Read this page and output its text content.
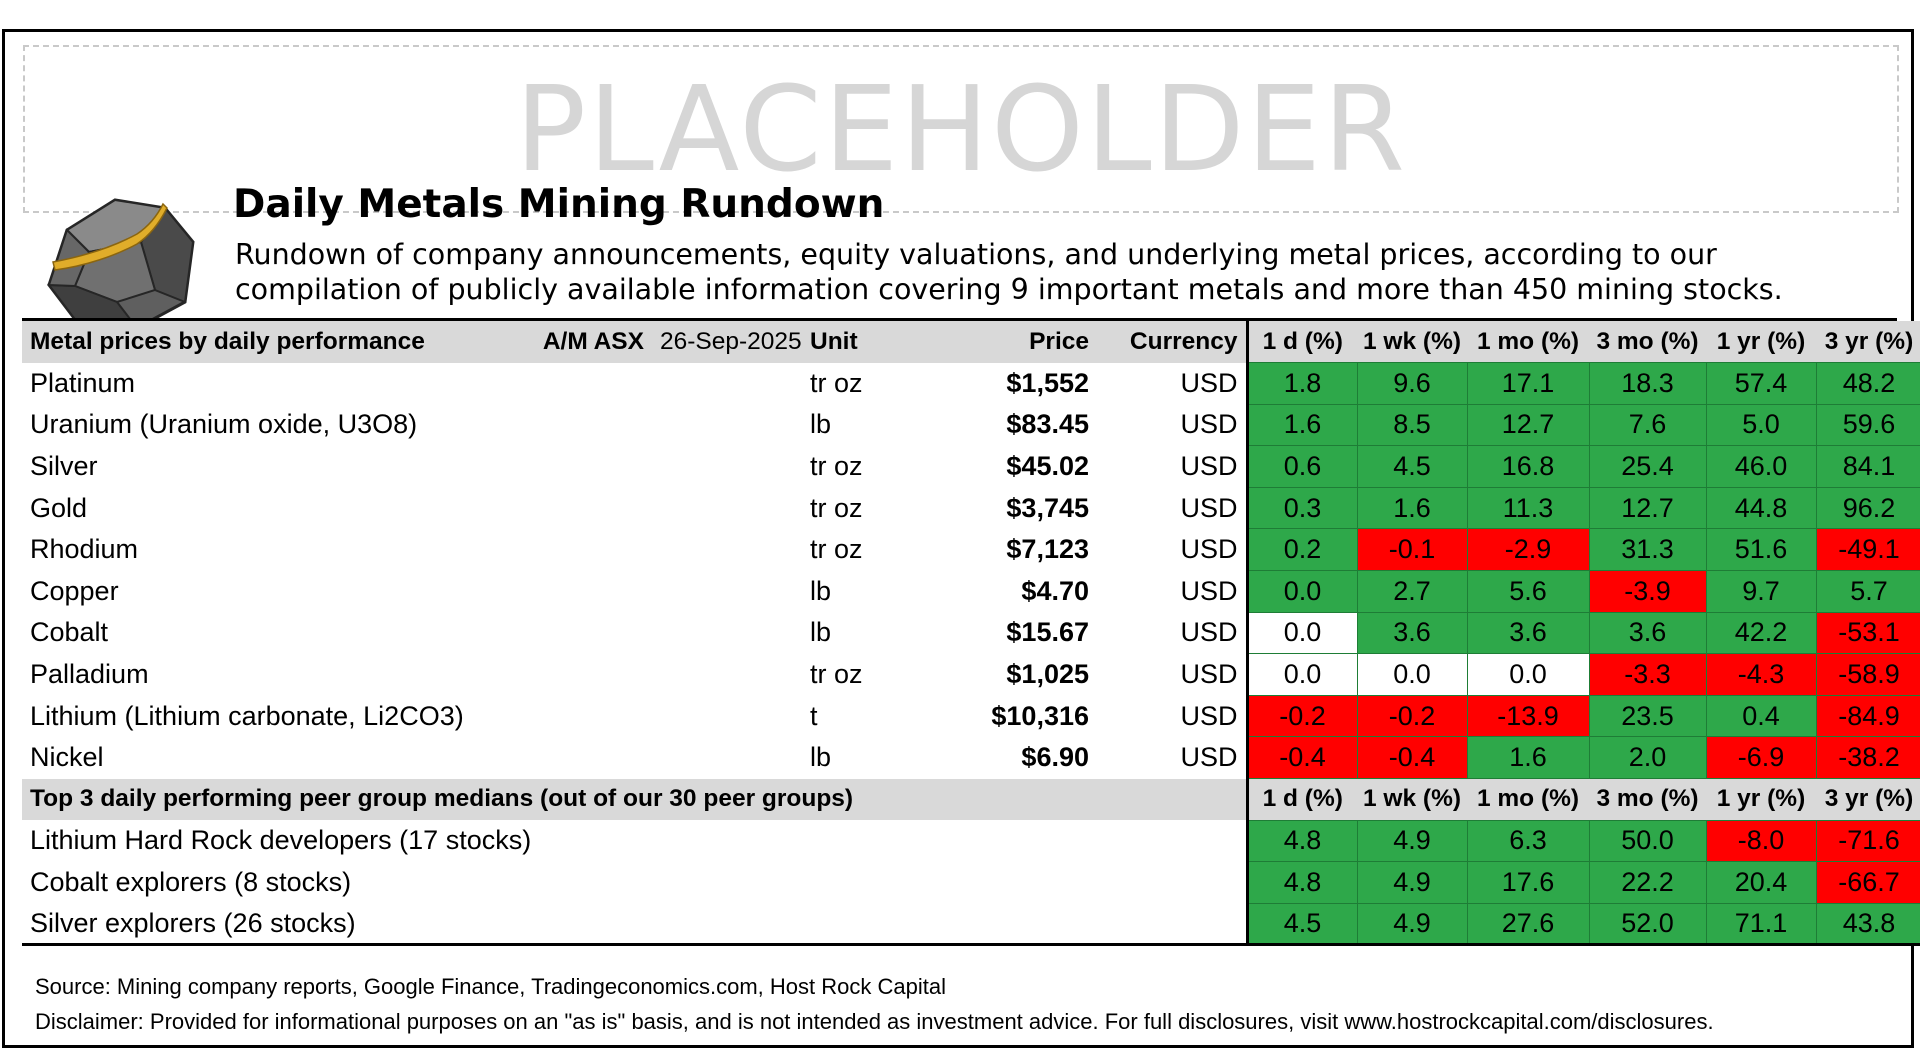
PLACEHOLDER
Daily Metals Mining Rundown
Rundown of company announcements, equity valuations, and underlying metal prices, according to our compilation of publicly available information covering 9 important metals and more than 450 mining stocks.
Metal prices by daily performance	A/M ASX	26-Sep-2025	Unit	Price	Currency	1 d (%)	1 wk (%)	1 mo (%)	3 mo (%)	1 yr (%)	3 yr (%)
Platinum			tr oz	$1,552	USD	1.8	9.6	17.1	18.3	57.4	48.2
Uranium (Uranium oxide, U3O8)			lb	$83.45	USD	1.6	8.5	12.7	7.6	5.0	59.6
Silver			tr oz	$45.02	USD	0.6	4.5	16.8	25.4	46.0	84.1
Gold			tr oz	$3,745	USD	0.3	1.6	11.3	12.7	44.8	96.2
Rhodium			tr oz	$7,123	USD	0.2	-0.1	-2.9	31.3	51.6	-49.1
Copper			lb	$4.70	USD	0.0	2.7	5.6	-3.9	9.7	5.7
Cobalt			lb	$15.67	USD	0.0	3.6	3.6	3.6	42.2	-53.1
Palladium			tr oz	$1,025	USD	0.0	0.0	0.0	-3.3	-4.3	-58.9
Lithium (Lithium carbonate, Li2CO3)			t	$10,316	USD	-0.2	-0.2	-13.9	23.5	0.4	-84.9
Nickel			lb	$6.90	USD	-0.4	-0.4	1.6	2.0	-6.9	-38.2
Top 3 daily performing peer group medians (out of our 30 peer groups)						1 d (%)	1 wk (%)	1 mo (%)	3 mo (%)	1 yr (%)	3 yr (%)
Lithium Hard Rock developers (17 stocks)						4.8	4.9	6.3	50.0	-8.0	-71.6
Cobalt explorers (8 stocks)						4.8	4.9	17.6	22.2	20.4	-66.7
Silver explorers (26 stocks)						4.5	4.9	27.6	52.0	71.1	43.8
Source: Mining company reports, Google Finance, Tradingeconomics.com, Host Rock Capital
Disclaimer: Provided for informational purposes on an "as is" basis, and is not intended as investment advice. For full disclosures, visit www.hostrockcapital.com/disclosures.
